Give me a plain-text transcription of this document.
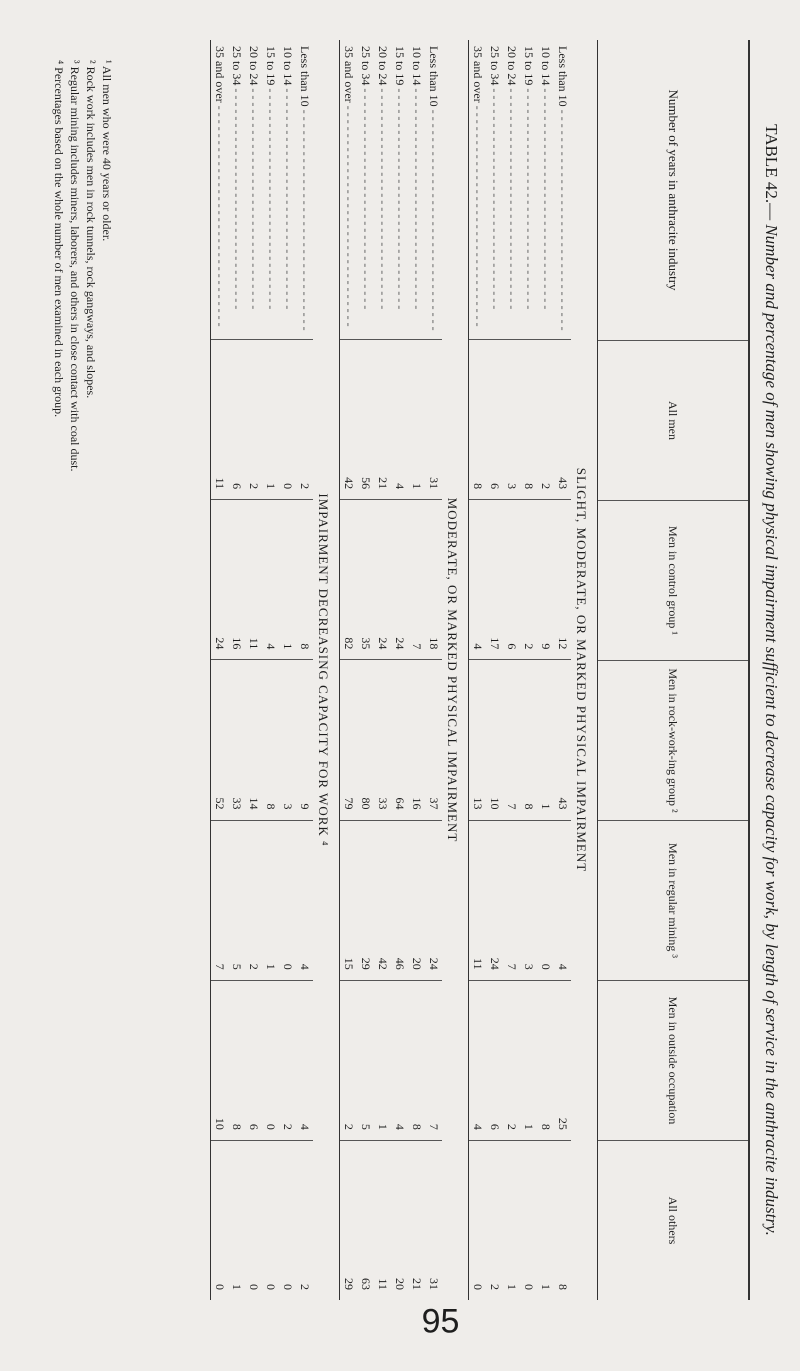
95
TABLE 42.— Number and percentage of men showing physical impairment sufficient to decrease capacity for work, by length of service in the anthracite industry.
Number of years in anthracite industry
All men
Men in control group ¹
Men in rock-work-ing group ²
Men in regular mining ³
Men in outside occupation
All others
SLIGHT, MODERATE, OR MARKED PHYSICAL IMPAIRMENT
Less than 10 - - -
43
12
43
4
25
8
10 to 14 - - -
2
9
1
0
8
1
15 to 19 - - -
8
2
8
3
1
0
20 to 24 - - -
3
6
7
7
2
1
25 to 34 - - -
6
17
10
24
6
2
35 and over - - -
8
4
13
11
4
0
MODERATE, OR MARKED PHYSICAL IMPAIRMENT
Less than 10 - - -
31
18
37
24
7
31
10 to 14 - - -
1
7
16
20
8
21
15 to 19 - - -
4
24
64
46
4
20
20 to 24 - - -
21
24
33
42
1
11
25 to 34 - - -
56
35
80
29
5
63
35 and over - - -
42
82
79
15
2
29
IMPAIRMENT DECREASING CAPACITY FOR WORK ⁴
Less than 10 - - -
2
8
9
4
4
2
10 to 14 - - -
0
1
3
0
2
0
15 to 19 - - -
1
4
8
1
0
0
20 to 24 - - -
2
11
14
2
6
0
25 to 34 - - -
6
16
33
5
8
1
35 and over - - -
11
24
52
7
10
0
¹ All men who were 40 years or older.
² Rock work includes men in rock tunnels, rock gangways, and slopes.
³ Regular mining includes miners, laborers, and others in close contact with coal dust.
⁴ Percentages based on the whole number of men examined in each group.
